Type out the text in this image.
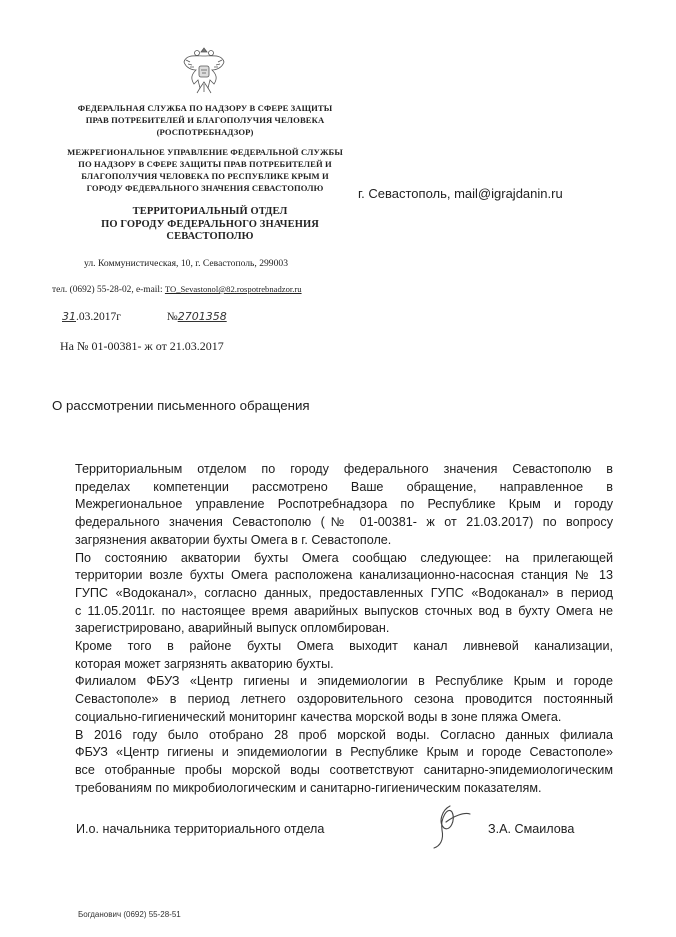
ФЕДЕРАЛЬНАЯ СЛУЖБА ПО НАДЗОРУ В СФЕРЕ ЗАЩИТЫ
ПРАВ ПОТРЕБИТЕЛЕЙ И БЛАГОПОЛУЧИЯ ЧЕЛОВЕКА
(РОСПОТРЕБНАДЗОР)
МЕЖРЕГИОНАЛЬНОЕ УПРАВЛЕНИЕ ФЕДЕРАЛЬНОЙ СЛУЖБЫ
ПО НАДЗОРУ В СФЕРЕ ЗАЩИТЫ ПРАВ ПОТРЕБИТЕЛЕЙ И
БЛАГОПОЛУЧИЯ ЧЕЛОВЕКА ПО РЕСПУБЛИКЕ КРЫМ И
ГОРОДУ ФЕДЕРАЛЬНОГО ЗНАЧЕНИЯ СЕВАСТОПОЛЮ
ТЕРРИТОРИАЛЬНЫЙ ОТДЕЛ
ПО ГОРОДУ ФЕДЕРАЛЬНОГО ЗНАЧЕНИЯ
СЕВАСТОПОЛЮ
ул. Коммунистическая, 10, г. Севастополь, 299003
тел. (0692) 55-28-02, e-mail: TO_Sevastonol@82.rospotrebnadzor.ru
г. Севастополь, mail@igrajdanin.ru
31.03.2017г	№2701358
На № 01-00381- ж от 21.03.2017
О рассмотрении письменного обращения

Территориальным отделом по городу федерального значения Севастополю в
пределах компетенции рассмотрено Ваше обращение, направленное в
Межрегиональное управление Роспотребнадзора по Республике Крым и городу
федерального значения Севастополю (№ 01-00381- ж от 21.03.2017) по вопросу
загрязнения акватории бухты Омега в г. Севастополе.

По состоянию акватории бухты Омега сообщаю следующее: на прилегающей
территории возле бухты Омега расположена канализационно-насосная станция № 13
ГУПС «Водоканал», согласно данных, предоставленных ГУПС «Водоканал» в период
с 11.05.2011г. по настоящее время аварийных выпусков сточных вод в бухту Омега не
зарегистрировано, аварийный выпуск опломбирован.

Кроме того в районе бухты Омега выходит канал ливневой канализации,
которая может загрязнять акваторию бухты.

Филиалом ФБУЗ «Центр гигиены и эпидемиологии в Республике Крым и городе
Севастополе» в период летнего оздоровительного сезона проводится постоянный
социально-гигиенический мониторинг качества морской воды в зоне пляжа Омега.

В 2016 году было отобрано 28 проб морской воды. Согласно данных филиала
ФБУЗ «Центр гигиены и эпидемиологии в Республике Крым и городе Севастополе»
все отобранные пробы морской воды соответствуют санитарно-эпидемиологическим
требованиям по микробиологическим и санитарно-гигиеническим показателям.

И.о. начальника территориального отдела	З.А. Смаилова
Богданович (0692) 55-28-51
